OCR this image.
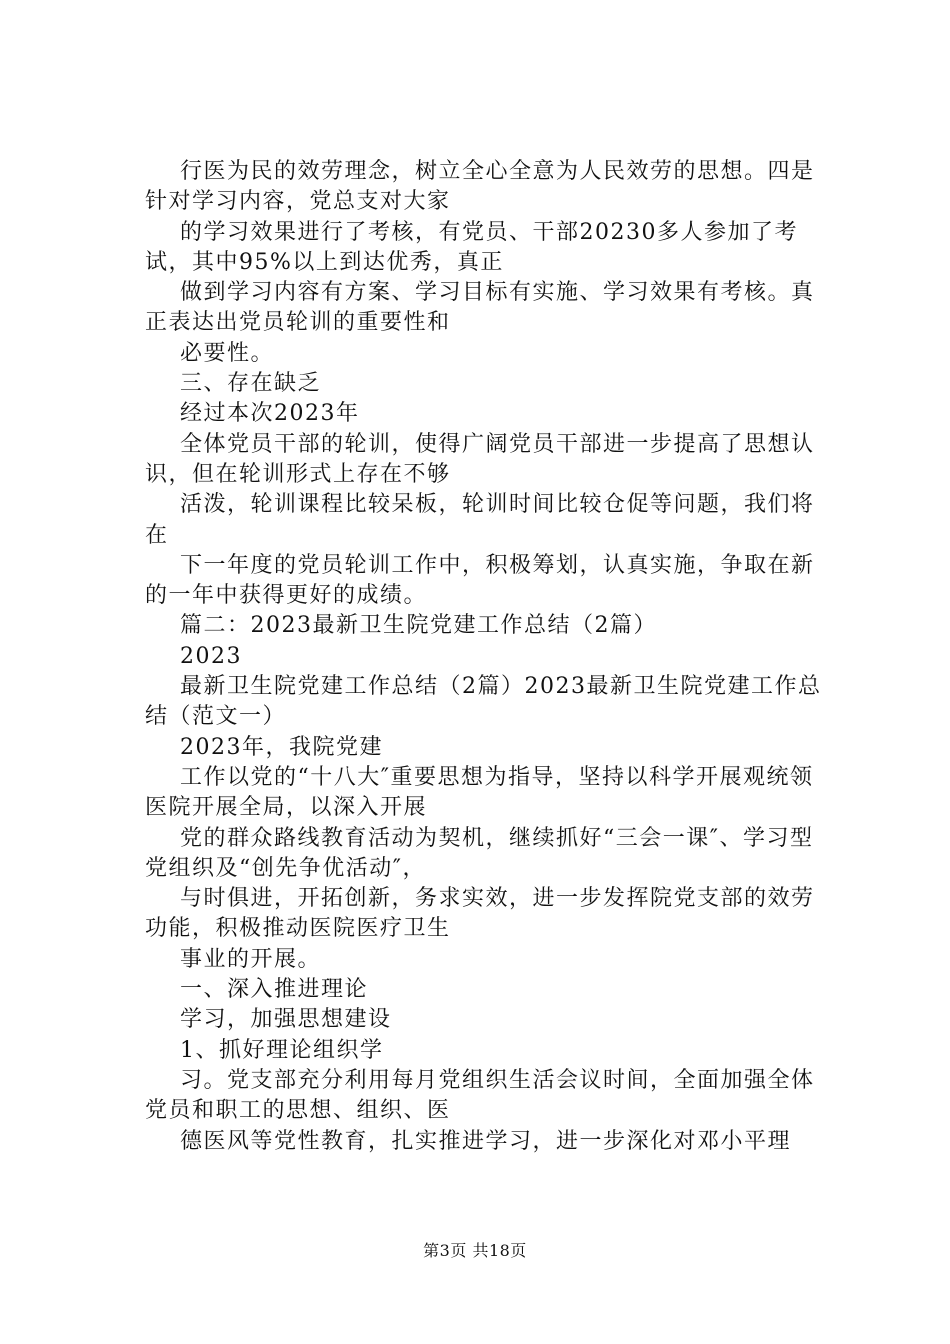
行医为民的效劳理念，树立全心全意为人民效劳的思想。四是针对学习内容，党总支对大家

的学习效果进行了考核，有党员、干部20230多人参加了考试，其中95%以上到达优秀，真正

做到学习内容有方案、学习目标有实施、学习效果有考核。真正表达出党员轮训的重要性和

必要性。

三、存在缺乏

经过本次2023年

全体党员干部的轮训，使得广阔党员干部进一步提高了思想认识，但在轮训形式上存在不够

活泼，轮训课程比较呆板，轮训时间比较仓促等问题，我们将在

下一年度的党员轮训工作中，积极筹划，认真实施，争取在新的一年中获得更好的成绩。

篇二：2023最新卫生院党建工作总结（2篇）

2023

最新卫生院党建工作总结（2篇）2023最新卫生院党建工作总结（范文一）

2023年，我院党建

工作以党的“十八大″重要思想为指导，坚持以科学开展观统领医院开展全局，以深入开展

党的群众路线教育活动为契机，继续抓好“三会一课″、学习型党组织及“创先争优活动″，

与时俱进，开拓创新，务求实效，进一步发挥院党支部的效劳功能，积极推动医院医疗卫生

事业的开展。

一、深入推进理论

学习，加强思想建设

1、抓好理论组织学

习。党支部充分利用每月党组织生活会议时间，全面加强全体党员和职工的思想、组织、医

德医风等党性教育，扎实推进学习，进一步深化对邓小平理

第3页 共18页
